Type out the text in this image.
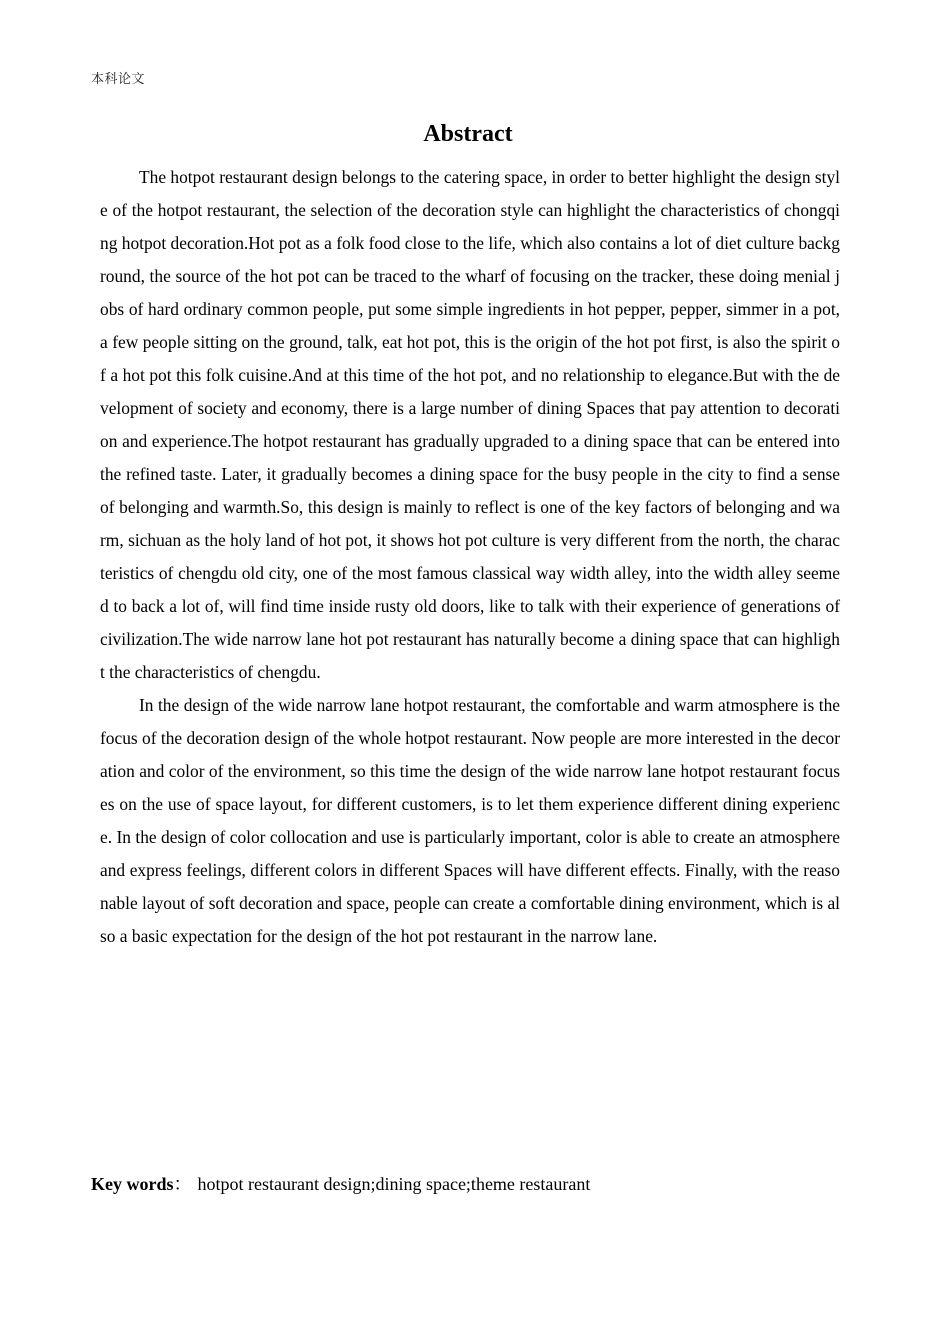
本科论文
Abstract

The hotpot restaurant design belongs to the catering space, in order to better highlight the design style of the hotpot restaurant, the selection of the decoration style can highlight the characteristics of chongqing hotpot decoration.Hot pot as a folk food close to the life, which also contains a lot of diet culture background, the source of the hot pot can be traced to the wharf of focusing on the tracker, these doing menial jobs of hard ordinary common people, put some simple ingredients in hot pepper, pepper, simmer in a pot, a few people sitting on the ground, talk, eat hot pot, this is the origin of the hot pot first, is also the spirit of a hot pot this folk cuisine.And at this time of the hot pot, and no relationship to elegance.But with the development of society and economy, there is a large number of dining Spaces that pay attention to decoration and experience.The hotpot restaurant has gradually upgraded to a dining space that can be entered into the refined taste. Later, it gradually becomes a dining space for the busy people in the city to find a sense of belonging and warmth.So, this design is mainly to reflect is one of the key factors of belonging and warm, sichuan as the holy land of hot pot, it shows hot pot culture is very different from the north, the characteristics of chengdu old city, one of the most famous classical way width alley, into the width alley seemed to back a lot of, will find time inside rusty old doors, like to talk with their experience of generations of civilization.The wide narrow lane hot pot restaurant has naturally become a dining space that can highlight the characteristics of chengdu.

In the design of the wide narrow lane hotpot restaurant, the comfortable and warm atmosphere is the focus of the decoration design of the whole hotpot restaurant. Now people are more interested in the decoration and color of the environment, so this time the design of the wide narrow lane hotpot restaurant focuses on the use of space layout, for different customers, is to let them experience different dining experience. In the design of color collocation and use is particularly important, color is able to create an atmosphere and express feelings, different colors in different Spaces will have different effects. Finally, with the reasonable layout of soft decoration and space, people can create a comfortable dining environment, which is also a basic expectation for the design of the hot pot restaurant in the narrow lane.

Key words： hotpot restaurant design;dining space;theme restaurant
